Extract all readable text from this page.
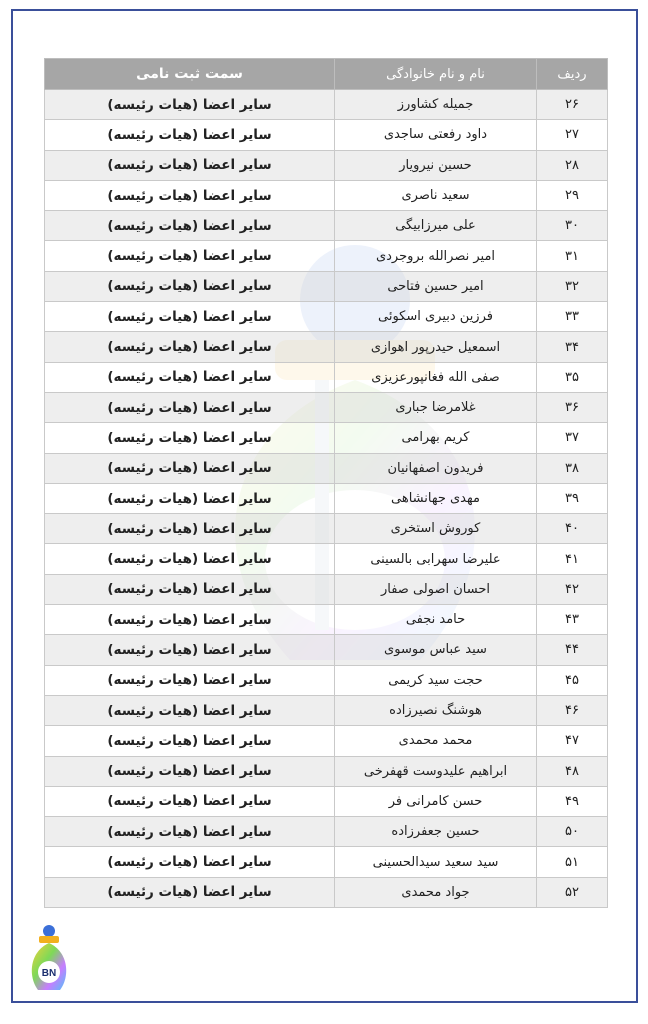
ردیف	نام و نام خانوادگی	سمت ثبت نامی
۲۶	جمیله کشاورز	سایر اعضا (هیات رئیسه)
۲۷	داود رفعتی ساجدی	سایر اعضا (هیات رئیسه)
۲۸	حسین نیرویار	سایر اعضا (هیات رئیسه)
۲۹	سعید ناصری	سایر اعضا (هیات رئیسه)
۳۰	علی میرزابیگی	سایر اعضا (هیات رئیسه)
۳۱	امیر نصرالله بروجردی	سایر اعضا (هیات رئیسه)
۳۲	امیر حسین فتاحی	سایر اعضا (هیات رئیسه)
۳۳	فرزین دبیری اسکوئی	سایر اعضا (هیات رئیسه)
۳۴	اسمعیل حیدرپور اهوازی	سایر اعضا (هیات رئیسه)
۳۵	صفی الله فغانپورعزیزی	سایر اعضا (هیات رئیسه)
۳۶	غلامرضا جباری	سایر اعضا (هیات رئیسه)
۳۷	کریم بهرامی	سایر اعضا (هیات رئیسه)
۳۸	فریدون اصفهانیان	سایر اعضا (هیات رئیسه)
۳۹	مهدی جهانشاهی	سایر اعضا (هیات رئیسه)
۴۰	کوروش استخری	سایر اعضا (هیات رئیسه)
۴۱	علیرضا سهرابی بالسینی	سایر اعضا (هیات رئیسه)
۴۲	احسان اصولی صفار	سایر اعضا (هیات رئیسه)
۴۳	حامد نجفی	سایر اعضا (هیات رئیسه)
۴۴	سید عباس موسوی	سایر اعضا (هیات رئیسه)
۴۵	حجت سید کریمی	سایر اعضا (هیات رئیسه)
۴۶	هوشنگ نصیرزاده	سایر اعضا (هیات رئیسه)
۴۷	محمد محمدی	سایر اعضا (هیات رئیسه)
۴۸	ابراهیم علیدوست قهفرخی	سایر اعضا (هیات رئیسه)
۴۹	حسن کامرانی فر	سایر اعضا (هیات رئیسه)
۵۰	حسین جعفرزاده	سایر اعضا (هیات رئیسه)
۵۱	سید سعید سیدالحسینی	سایر اعضا (هیات رئیسه)
۵۲	جواد محمدی	سایر اعضا (هیات رئیسه)
BN
